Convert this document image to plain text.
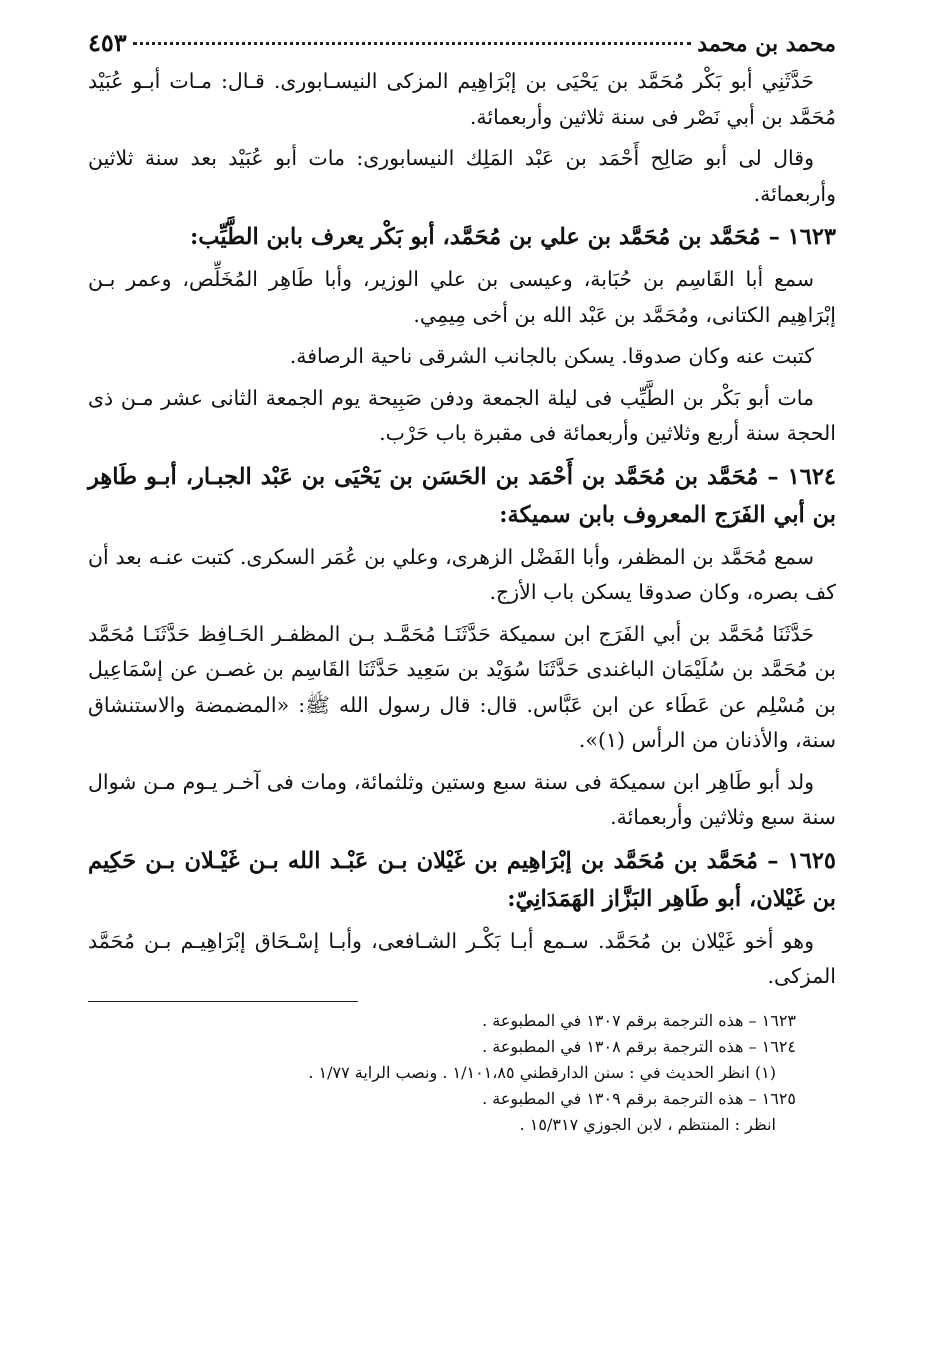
محمد بن محمد
٤٥٣

حَدَّثَنِي أبو بَكْر مُحَمَّد بن يَحْيَى بن إبْرَاهِيم المزكى النيسـابورى. قـال: مـات أبـو عُبَيْد مُحَمَّد بن أبي نَصْر فى سنة ثلاثين وأربعمائة.

وقال لى أبو صَالِح أَحْمَد بن عَبْد المَلِك النيسابورى: مات أبو عُبَيْد بعد سنة ثلاثين وأربعمائة.

١٦٢٣ – مُحَمَّد بن مُحَمَّد بن علي بن مُحَمَّد، أبو بَكْر يعرف بابن الطَّيِّب:

سمع أبا القَاسِم بن حُبَابة، وعيسى بن علي الوزير، وأبا طَاهِر المُخَلِّص، وعمر بـن إبْرَاهِيم الكتانى، ومُحَمَّد بن عَبْد الله بن أخى مِيمِي.

كتبت عنه وكان صدوقا. يسكن بالجانب الشرقى ناحية الرصافة.

مات أبو بَكْر بن الطَّيِّب فى ليلة الجمعة ودفن صَبِيحة يوم الجمعة الثانى عشر مـن ذى الحجة سنة أربع وثلاثين وأربعمائة فى مقبرة باب حَرْب.

١٦٢٤ – مُحَمَّد بن مُحَمَّد بن أَحْمَد بن الحَسَن بن يَحْيَى بن عَبْد الجبـار، أبـو طَاهِر بن أبي الفَرَج المعروف بابن سميكة:

سمع مُحَمَّد بن المظفر، وأبا الفَضْل الزهرى، وعلي بن عُمَر السكرى. كتبت عنـه بعد أن كف بصره، وكان صدوقا يسكن باب الأزج.

حَدَّثَنَا مُحَمَّد بن أبي الفَرَج ابن سميكة حَدَّثَنَـا مُحَمَّـد بـن المظفـر الحَـافِظ حَدَّثَنَـا مُحَمَّد بن مُحَمَّد بن سُلَيْمَان الباغندى حَدَّثَنَا سُوَيْد بن سَعِيد حَدَّثَنَا القَاسِم بن غصـن عن إسْمَاعِيل بن مُسْلِم عن عَطَاء عن ابن عَبَّاس. قال: قال رسول الله ﷺ: «المضمضة والاستنشاق سنة، والأذنان من الرأس (١)».

ولد أبو طَاهِر ابن سميكة فى سنة سبع وستين وثلثمائة، ومات فى آخـر يـوم مـن شوال سنة سبع وثلاثين وأربعمائة.

١٦٢٥ – مُحَمَّد بن مُحَمَّد بن إبْرَاهِيم بن غَيْلان بـن عَبْـد الله بـن غَيْـلان بـن حَكِيم بن غَيْلان، أبو طَاهِر البَزَّاز الهَمَدَانِيّ:

وهو أخو غَيْلان بن مُحَمَّد. سـمع أبـا بَكْـر الشـافعى، وأبـا إسْـحَاق إبْرَاهِيـم بـن مُحَمَّد المزكى.

١٦٢٣ – هذه الترجمة برقم ١٣٠٧ في المطبوعة .
١٦٢٤ – هذه الترجمة برقم ١٣٠٨ في المطبوعة .
(١) انظر الحديث في : سنن الدارقطني ١/١٠١،٨٥ . ونصب الراية ١/٧٧ .
١٦٢٥ – هذه الترجمة برقم ١٣٠٩ في المطبوعة .
انظر : المنتظم ، لابن الجوزي ١٥/٣١٧ .
